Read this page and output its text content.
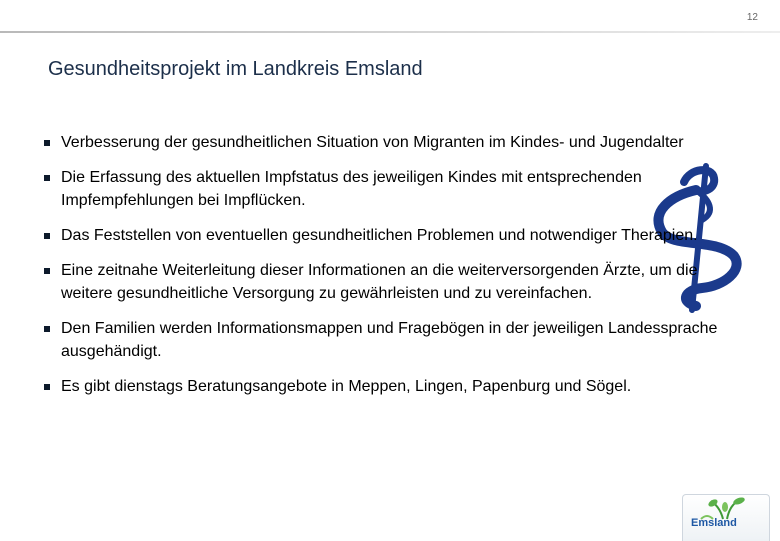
12
Gesundheitsprojekt im Landkreis Emsland
Verbesserung der gesundheitlichen Situation von Migranten im Kindes- und Jugendalter
Die Erfassung des aktuellen Impfstatus des jeweiligen Kindes mit entsprechenden Impfempfehlungen bei Impflücken.
Das Feststellen von eventuellen gesundheitlichen Problemen und notwendiger Therapien.
Eine zeitnahe Weiterleitung dieser Informationen an die weiterversorgenden Ärzte, um die weitere gesundheitliche Versorgung zu gewährleisten und zu vereinfachen.
Den Familien werden Informationsmappen und Fragebögen in der jeweiligen Landessprache ausgehändigt.
Es gibt dienstags Beratungsangebote in Meppen, Lingen, Papenburg und Sögel.
Emsland
